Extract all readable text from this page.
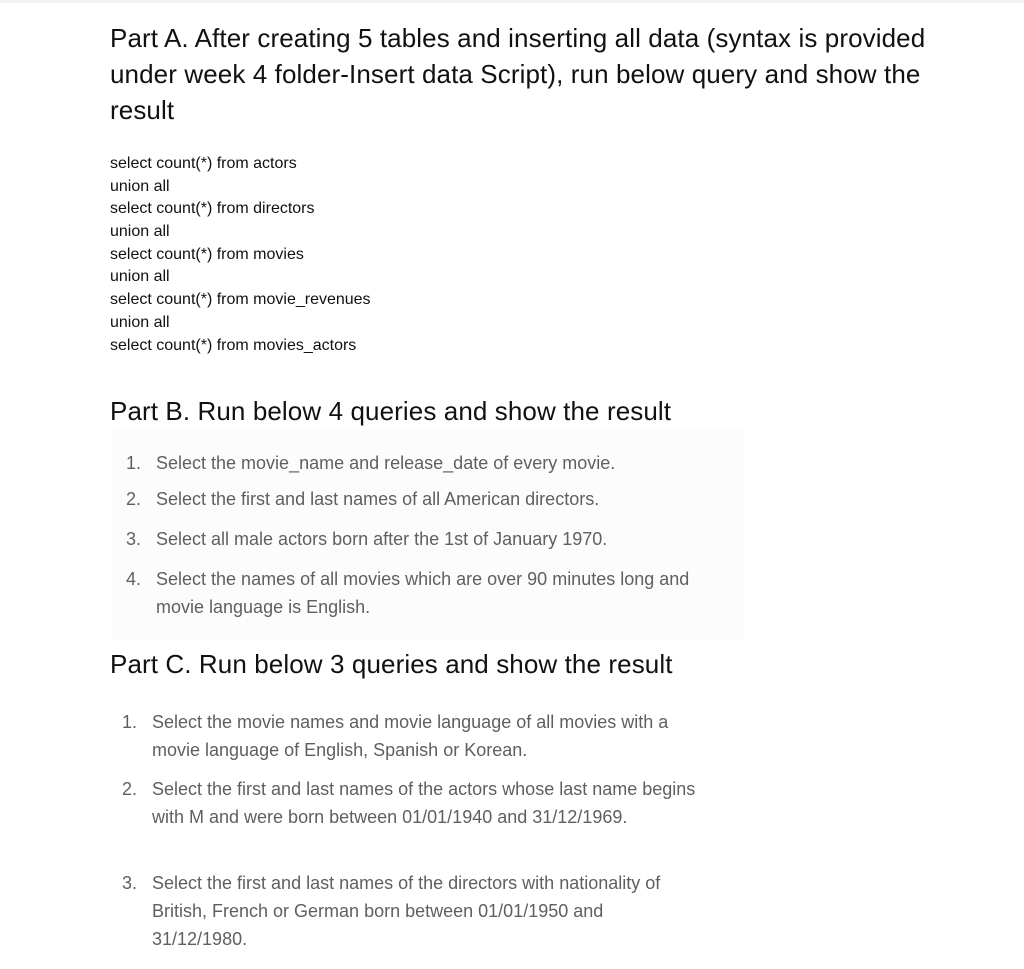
Part A. After creating 5 tables and inserting all data (syntax is provided under week 4 folder-Insert data Script), run below query and show the result
select count(*) from actors
union all
select count(*) from directors
union all
select count(*) from movies
union all
select count(*) from movie_revenues
union all
select count(*) from movies_actors
Part B. Run below 4 queries and show the result
1. Select the movie_name and release_date of every movie.
2. Select the first and last names of all American directors.
3. Select all male actors born after the 1st of January 1970.
4. Select the names of all movies which are over 90 minutes long and movie language is English.
Part C. Run below 3 queries and show the result
1. Select the movie names and movie language of all movies with a movie language of English, Spanish or Korean.
2. Select the first and last names of the actors whose last name begins with M and were born between 01/01/1940 and 31/12/1969.
3. Select the first and last names of the directors with nationality of British, French or German born between 01/01/1950 and 31/12/1980.
